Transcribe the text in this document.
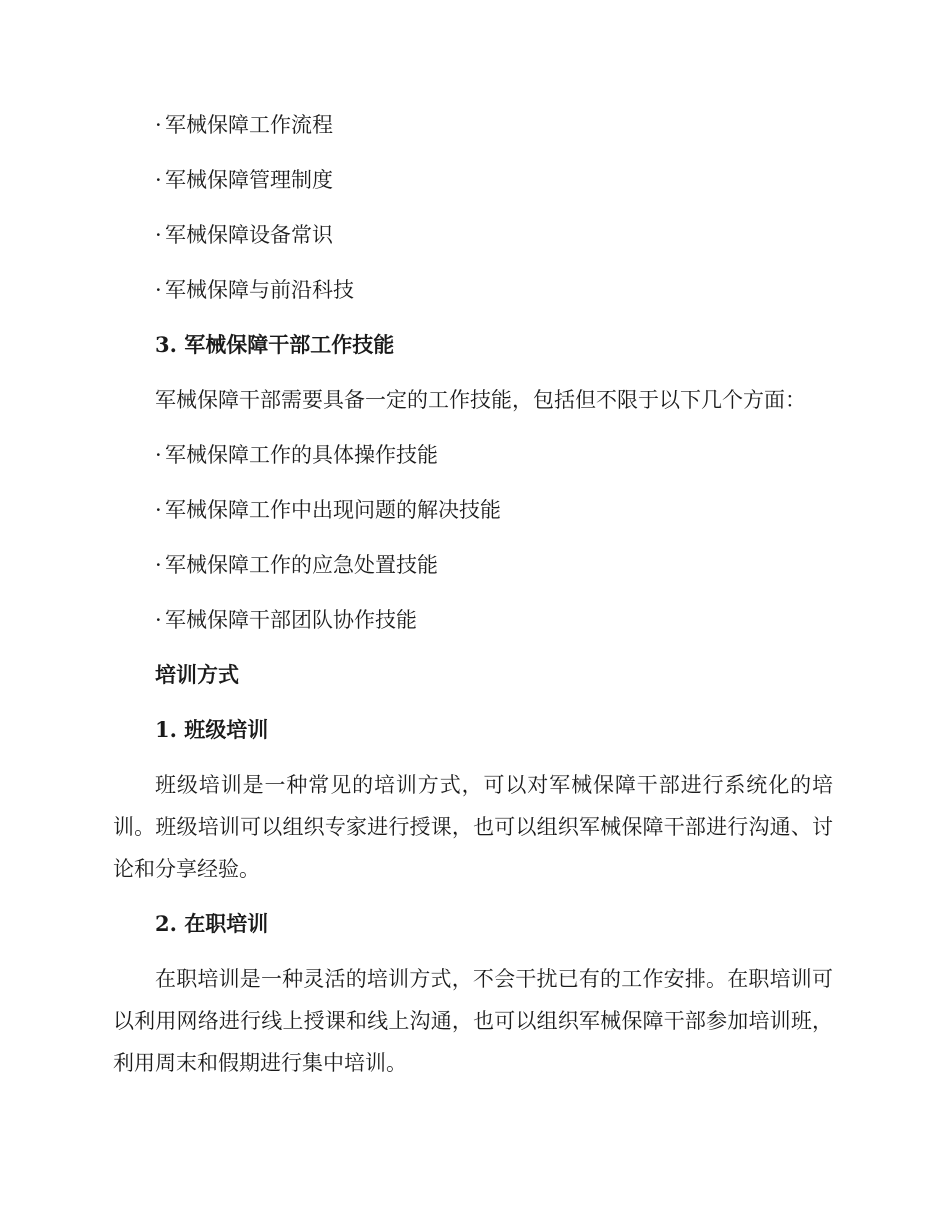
· 军械保障工作流程
· 军械保障管理制度
· 军械保障设备常识
· 军械保障与前沿科技
3. 军械保障干部工作技能

军械保障干部需要具备一定的工作技能，包括但不限于以下几个方面：

· 军械保障工作的具体操作技能
· 军械保障工作中出现问题的解决技能
· 军械保障工作的应急处置技能
· 军械保障干部团队协作技能
培训方式
1. 班级培训

班级培训是一种常见的培训方式，可以对军械保障干部进行系统化的培训。班级培训可以组织专家进行授课，也可以组织军械保障干部进行沟通、讨论和分享经验。

2. 在职培训

在职培训是一种灵活的培训方式，不会干扰已有的工作安排。在职培训可以利用网络进行线上授课和线上沟通，也可以组织军械保障干部参加培训班，利用周末和假期进行集中培训。
